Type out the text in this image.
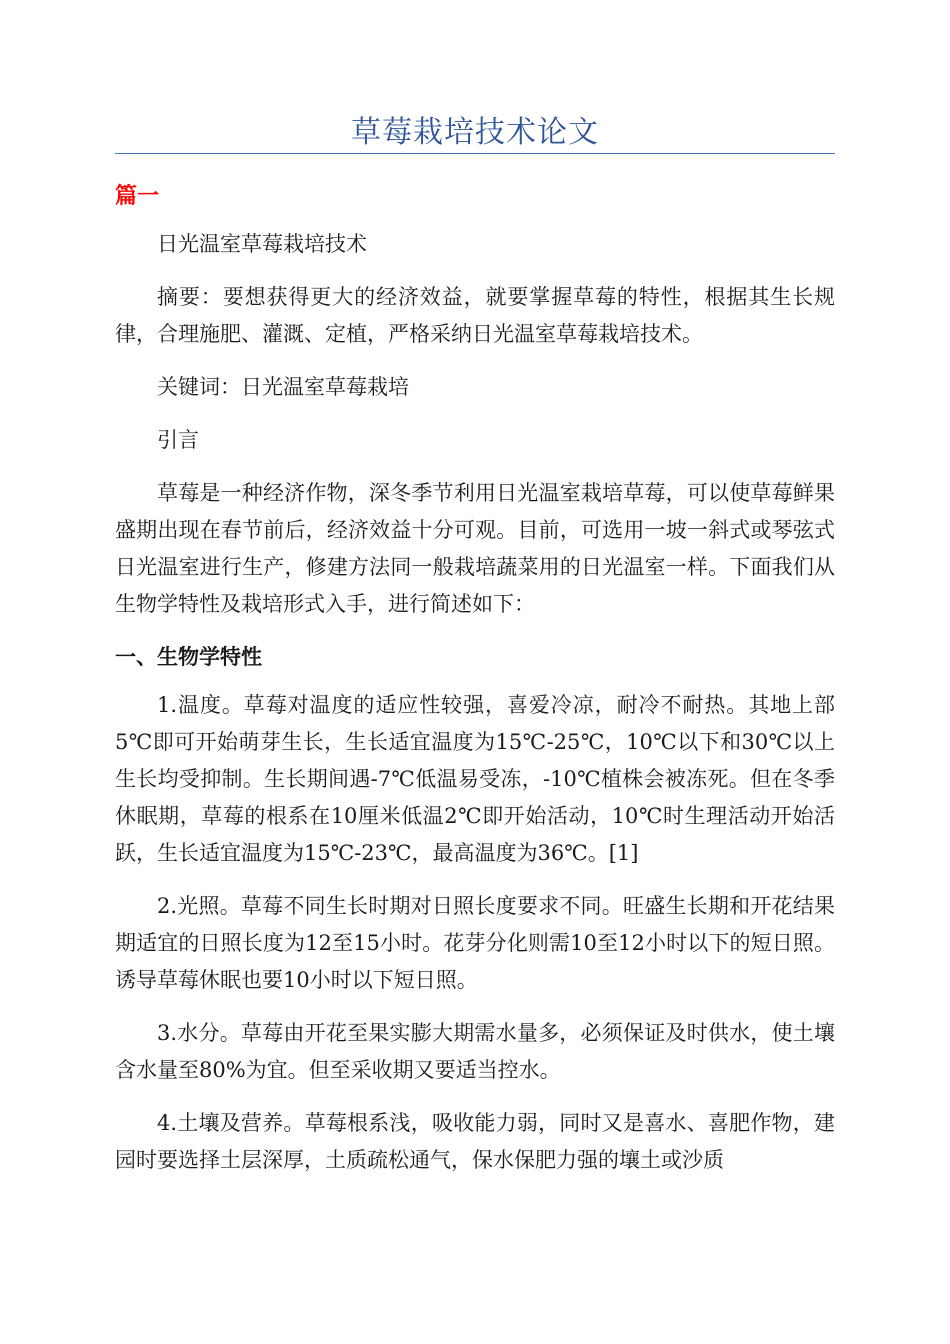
草莓栽培技术论文
篇一

日光温室草莓栽培技术

摘要：要想获得更大的经济效益，就要掌握草莓的特性，根据其生长规律，合理施肥、灌溉、定植，严格采纳日光温室草莓栽培技术。

关键词：日光温室草莓栽培

引言

草莓是一种经济作物，深冬季节利用日光温室栽培草莓，可以使草莓鲜果盛期出现在春节前后，经济效益十分可观。目前，可选用一坡一斜式或琴弦式日光温室进行生产，修建方法同一般栽培蔬菜用的日光温室一样。下面我们从生物学特性及栽培形式入手，进行简述如下：

一、生物学特性

1.温度。草莓对温度的适应性较强，喜爱冷凉，耐冷不耐热。其地上部5℃即可开始萌芽生长，生长适宜温度为15℃-25℃，10℃以下和30℃以上生长均受抑制。生长期间遇-7℃低温易受冻，-10℃植株会被冻死。但在冬季休眠期，草莓的根系在10厘米低温2℃即开始活动，10℃时生理活动开始活跃，生长适宜温度为15℃-23℃，最高温度为36℃。[1]

2.光照。草莓不同生长时期对日照长度要求不同。旺盛生长期和开花结果期适宜的日照长度为12至15小时。花芽分化则需10至12小时以下的短日照。诱导草莓休眠也要10小时以下短日照。

3.水分。草莓由开花至果实膨大期需水量多，必须保证及时供水，使土壤含水量至80%为宜。但至采收期又要适当控水。

4.土壤及营养。草莓根系浅，吸收能力弱，同时又是喜水、喜肥作物，建园时要选择土层深厚，土质疏松通气，保水保肥力强的壤土或沙质
